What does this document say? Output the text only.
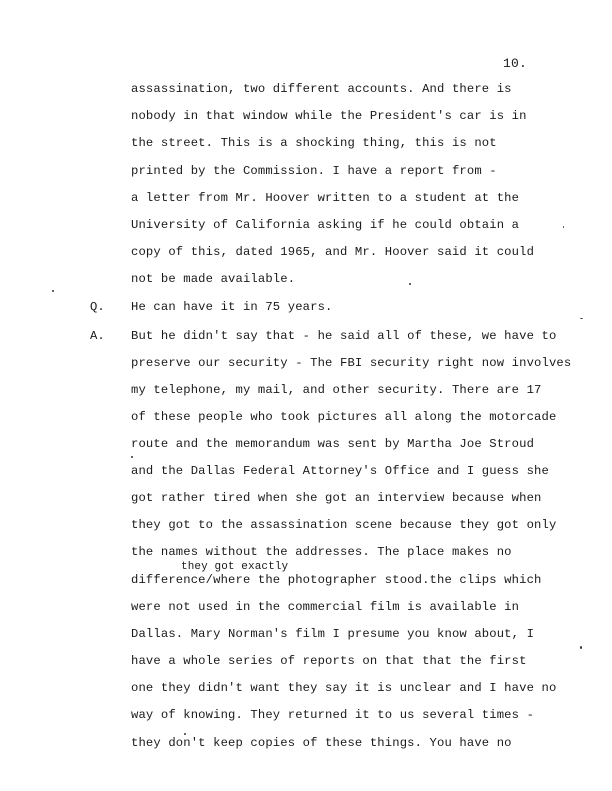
10.
assassination, two different accounts. And there is
nobody in that window while the President's car is in
the street. This is a shocking thing, this is not
printed by the Commission. I have a report from -
a letter from Mr. Hoover written to a student at the
University of California asking if he could obtain a
copy of this, dated 1965, and Mr. Hoover said it could
not be made available.
Q. He can have it in 75 years.
A. But he didn't say that - he said all of these, we have to
preserve our security - The FBI security right now involves
my telephone, my mail, and other security. There are 17
of these people who took pictures all along the motorcade
route and the memorandum was sent by Martha Joe Stroud
and the Dallas Federal Attorney's Office and I guess she
got rather tired when she got an interview because when
they got to the assassination scene because they got only
the names without the addresses. The place makes no
they got exactly
difference/where the photographer stood.the clips which
were not used in the commercial film is available in
Dallas. Mary Norman's film I presume you know about, I
have a whole series of reports on that that the first
one they didn't want they say it is unclear and I have no
way of knowing. They returned it to us several times -
they don't keep copies of these things. You have no
